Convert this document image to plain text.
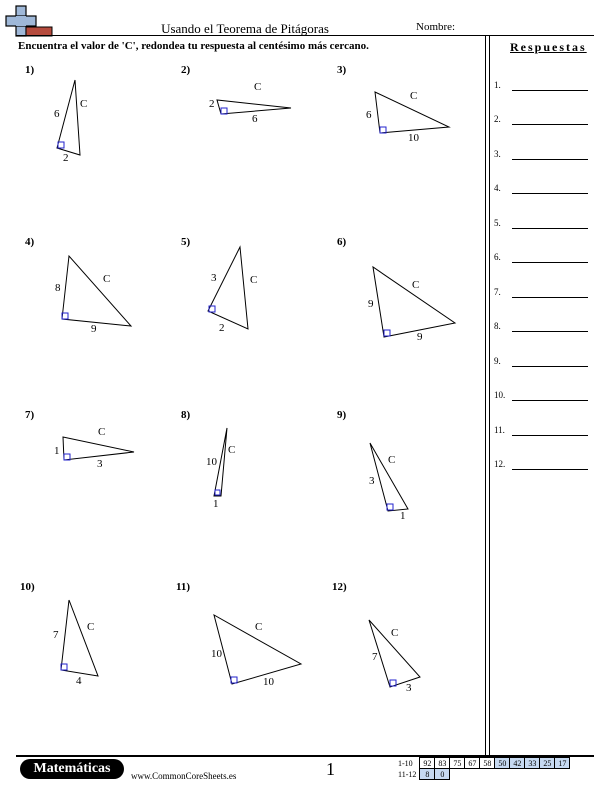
Usando el Teorema de Pitágoras	Nombre:
Encuentra el valor de 'C', redondea tu respuesta al centésimo más cercano.	Respuestas
1.
2.
3.
4.
5.
6.
7.
8.
9.
10.
11.
12.
1)	2)	3)
4)	5)	6)
7)	8)	9)
10)	11)	12)
6
2
C	2
6
C
6
10
C
8
9
C	3
2
C
9
9
C
1
3
C
10
1
C
3
1
C
7
4
C
10
10
C
7
3
C
Matemáticas	www.CommonCoreSheets.es	1	1-10	92	83	75	67	58	50	42	33	25	17
11-12	8	0								
